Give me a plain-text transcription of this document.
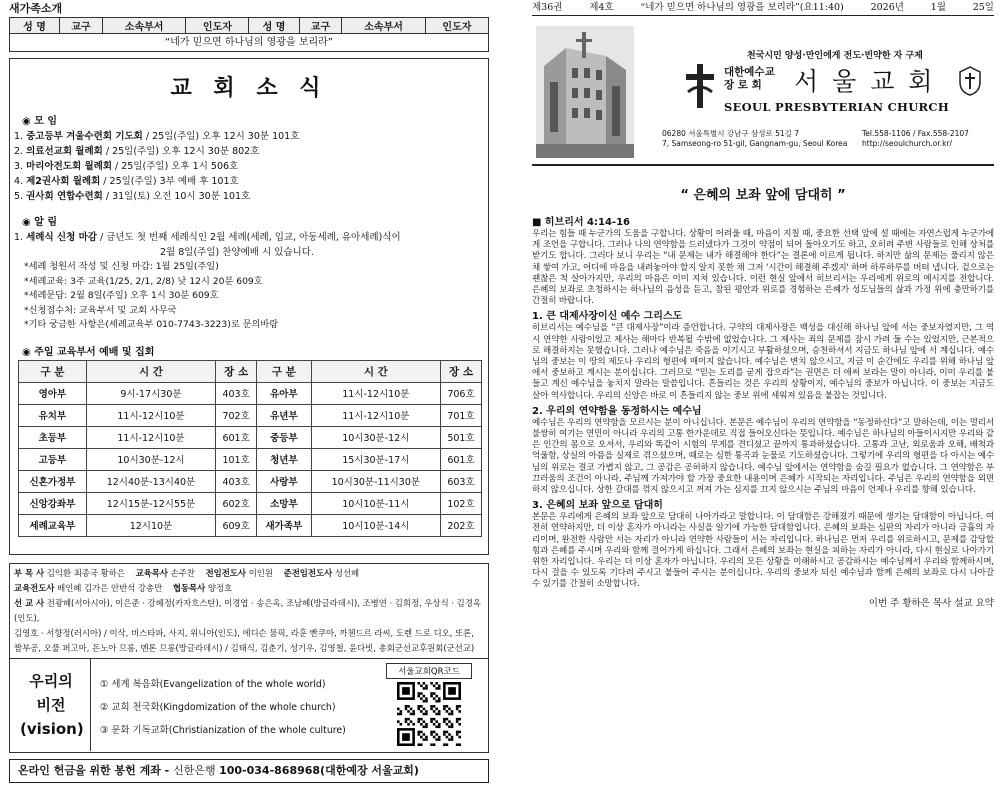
새가족소개
성 명	교구	소속부서	인도자	성 명	교구	소속부서	인도자
“네가 믿으면 하나님의 영광을 보리라”
교 회 소 식
◉ 모 임
1. 중고등부 겨울수련회 기도회 / 25일(주일) 오후 12시 30분 101호
2. 의료선교회 월례회 / 25일(주일) 오후 12시 30분 802호
3. 마리아전도회 월례회 / 25일(주일) 오후 1시 506호
4. 제2권사회 월례회 / 25일(주일) 3부 예배 후 101호
5. 권사회 연합수련회 / 31일(토) 오전 10시 30분 101호
◉ 알 림
1. 세례식 신청 마감 / 금년도 첫 번째 세례식인 2월 세례(세례, 입교, 아동세례, 유아세례)식이
2월 8일(주일) 찬양예배 시 있습니다.
*세례 청원서 작성 및 신청 마감: 1월 25일(주일)
*세례교육: 3주 교육(1/25, 2/1, 2/8) 낮 12시 20분 609호
*세례문답: 2월 8일(주일) 오후 1시 30분 609호
*신청접수처: 교육부서 및 교회 사무국
*기타 궁금한 사항은(세례교육부 010-7743-3223)로 문의바람
◉ 주일 교육부서 예배 및 집회
구 분	시 간	장 소	구 분	시 간	장 소
영아부	9시-17시30분	403호	유아부	11시-12시10분	706호
유치부	11시-12시10분	702호	유년부	11시-12시10분	701호
초등부	11시-12시10분	601호	중등부	10시30분-12시	501호
고등부	10시30분-12시	101호	청년부	15시30분-17시	601호
신혼가정부	12시40분-13시40분	403호	사랑부	10시30분-11시30분	603호
신앙강좌부	12시15분-12시55분	602호	소망부	10시10분-11시	102호
세례교육부	12시10분	609호	새가족부	10시10분-14시	202호
부 목 사 김익환 최종국 황하은 교육목사 손주찬 전임전도사 이인원 준전임전도사 성선혜
교육전도사 배인혜 김가은 안반석 강총만 협동목사 양정호
선 교 사 전광혜(서아시아), 이은준 · 강혜정(카자흐스탄), 이경엽 · 송은옥, 조남혜(방글라데시), 조병연 · 김희정, 우상식 · 김경옥(인도),
김영호 · 서향정(러시아) / 이삭, 비스타파, 사지, 위니아(인도), 에디슨 뭄픽, 라훈 빤쿠아, 까첸드르 라씨, 도렌 드로 디오, 또론,
짬부공, 오풀 퍼고마, 돈노아 므롱, 멘톤 므롱(방글라데시) / 김태식, 김춘기, 성기우, 김영철, 윤다빗, 총회군선교후원회(군선교)
우리의
비전
(vision)
① 세계 복음화(Evangelization of the whole world)
② 교회 천국화(Kingdomization of the whole church)
③ 문화 기독교화(Christianization of the whole culture)
서울교회QR코드
온라인 헌금을 위한 봉헌 계좌 - 신한은행 100-034-868968(대한예장 서울교회)
제36권	제4호	“네가 믿으면 하나님의 영광을 보리라”(요11:40)	2026년	1월	25일
천국시민 양성·만인에게 전도·빈약한 자 구제
대한예수교
장 로 회	서 울 교 회
SEOUL PRESBYTERIAN CHURCH
06280 서울특별시 강남구 삼성로 51길 7
7, Samseong-ro 51-gil, Gangnam-gu, Seoul Korea
Tel.558-1106 / Fax.558-2107
http://seoulchurch.or.kr/
“ 은혜의 보좌 앞에 담대히 ”
■ 히브리서 4:14-16
우리는 힘들 때 누군가의 도움을 구합니다. 상황이 어려울 때, 마음이 지칠 때, 중요한 선택 앞에 설 때에는 자연스럽게 누군가에게 조언을 구합니다. 그러나 나의 연약함을 드러냈다가 그것이 약점이 되어 돌아오기도 하고, 오히려 주변 사람들로 인해 상처를 받기도 합니다. 그러다 보니 우리는 “내 문제는 내가 해결해야 한다”는 결론에 이르게 됩니다. 하지만 삶의 문제는 풀리지 않은 채 쌓여 가고, 어디에 마음을 내려놓아야 할지 알지 못한 채 그저 '시간이 해결해 주겠지' 하며 하루하루를 버텨 냅니다. 겉으로는 괜찮은 척 살아가지만, 우리의 마음은 이미 지쳐 있습니다. 이런 현실 앞에서 히브리서는 우리에게 위로의 메시지를 전합니다. 은혜의 보좌로 초청하시는 하나님의 음성을 듣고, 참된 평안과 위로를 경험하는 은혜가 성도님들의 삶과 가정 위에 충만하기를 간절히 바랍니다.
1. 큰 대제사장이신 예수 그리스도
히브리서는 예수님을 “큰 대제사장”이라 증언합니다. 구약의 대제사장은 백성을 대신해 하나님 앞에 서는 중보자였지만, 그 역시 연약한 사람이었고 제사는 해마다 반복될 수밖에 없었습니다. 그 제사는 죄의 문제를 잠시 가려 둘 수는 있었지만, 근본적으로 해결하지는 못했습니다. 그러나 예수님은 죽음을 이기시고 부활하셨으며, 승천하셔서 지금도 하나님 앞에 서 계십니다. 예수님의 중보는 이 땅의 제도나 우리의 형편에 매이지 않습니다. 예수님은 변치 않으시고, 지금 이 순간에도 우리를 위해 하나님 앞에서 중보하고 계시는 분이십니다. 그러므로 “믿는 도리를 굳게 잡으라”는 권면은 더 애써 보라는 말이 아니라, 이미 우리를 붙들고 계신 예수님을 놓치지 말라는 말씀입니다. 흔들리는 것은 우리의 상황이지, 예수님의 중보가 아닙니다. 이 중보는 지금도 살아 역사합니다. 우리의 신앙은 바로 이 흔들리지 않는 중보 위에 세워져 있음을 붙잡는 것입니다.
2. 우리의 연약함을 동정하시는 예수님
예수님은 우리의 연약함을 모르시는 분이 아니십니다. 본문은 예수님이 우리의 연약함을 “동정하신다”고 말하는데, 이는 멀리서 불쌍히 여기는 연민이 아니라 우리의 고통 한가운데로 직접 들어오신다는 뜻입니다. 예수님은 하나님의 아들이시지만 우리와 같은 인간의 몸으로 오셔서, 우리와 똑같이 시험의 무게를 견디셨고 끝까지 통과하셨습니다. 고통과 고난, 외로움과 오해, 배척과 억울함, 상실의 아픔을 실제로 겪으셨으며, 때로는 심한 통곡과 눈물로 기도하셨습니다. 그렇기에 우리의 형편을 다 아시는 예수님의 위로는 결코 가볍지 않고, 그 공감은 공허하지 않습니다. 예수님 앞에서는 연약함을 숨길 필요가 없습니다. 그 연약함은 부끄러움의 조건이 아니라, 주님께 가져가야 할 가장 중요한 내용이며 은혜가 시작되는 자리입니다. 주님은 우리의 연약함을 외면하지 않으십니다. 상한 갈대를 꺾지 않으시고 꺼져 가는 심지를 끄지 않으시는 주님의 마음이 언제나 우리를 향해 있습니다.
3. 은혜의 보좌 앞으로 담대히
본문은 우리에게 은혜의 보좌 앞으로 담대히 나아가라고 말합니다. 이 담대함은 강해졌기 때문에 생기는 담대함이 아닙니다. 여전히 연약하지만, 더 이상 혼자가 아니라는 사실을 알기에 가능한 담대함입니다. 은혜의 보좌는 심판의 자리가 아니라 긍휼의 자리이며, 완전한 사람만 서는 자리가 아니라 연약한 사람들이 서는 자리입니다. 하나님은 먼저 우리를 위로하시고, 문제를 감당할 힘과 은혜를 주시며 우리와 함께 걸어가게 하십니다. 그래서 은혜의 보좌는 현실을 피하는 자리가 아니라, 다시 현실로 나아가기 위한 자리입니다. 우리는 더 이상 혼자가 아닙니다. 우리의 모든 상황을 이해하시고 공감하시는 예수님께서 우리와 함께하시며, 다시 걸을 수 있도록 기다려 주시고 붙들어 주시는 분이십니다. 우리의 중보자 되신 예수님과 함께 은혜의 보좌로 다시 나아갈 수 있기를 간절히 소망합니다.
이번 주 황하은 목사 설교 요약
